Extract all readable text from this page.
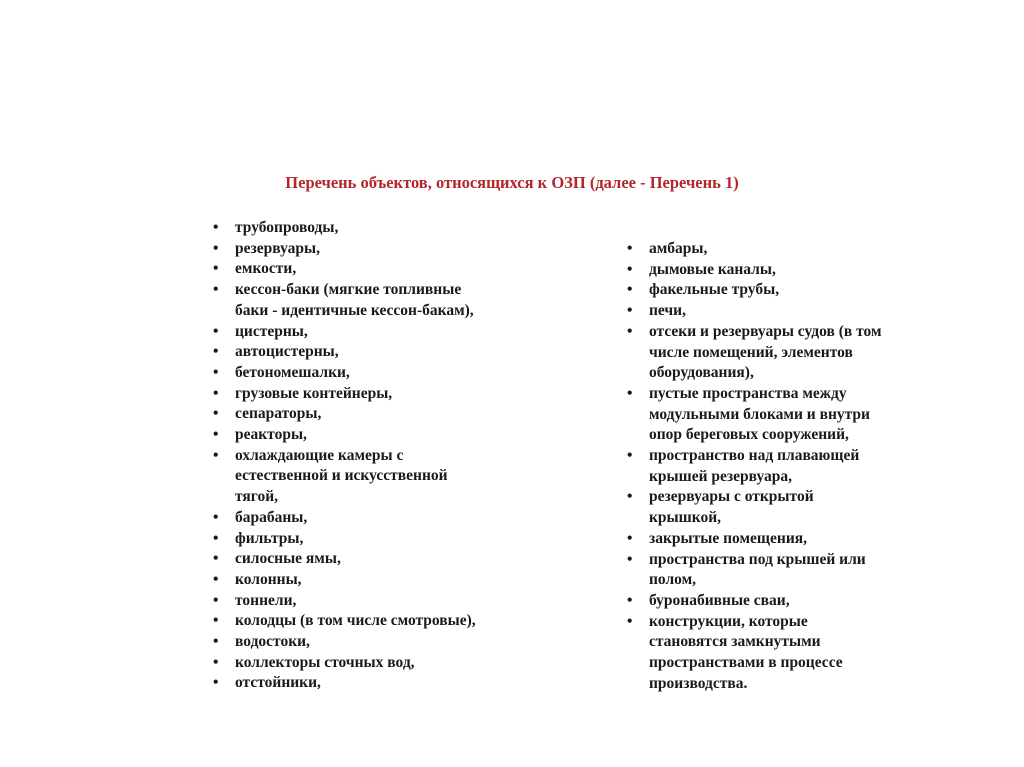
Перечень объектов, относящихся к ОЗП (далее - Перечень 1)
• трубопроводы,
• резервуары,
• емкости,
• кессон-баки (мягкие топливные
баки - идентичные кессон-бакам),
• цистерны,
• автоцистерны,
• бетономешалки,
• грузовые контейнеры,
• сепараторы,
• реакторы,
• охлаждающие камеры с
естественной и искусственной
тягой,
• барабаны,
• фильтры,
• силосные ямы,
• колонны,
• тоннели,
• колодцы (в том числе смотровые),
• водостоки,
• коллекторы сточных вод,
• отстойники,
• амбары,
• дымовые каналы,
• факельные трубы,
• печи,
• отсеки и резервуары судов (в том
числе помещений, элементов
оборудования),
• пустые пространства между
модульными блоками и внутри
опор береговых сооружений,
• пространство над плавающей
крышей резервуара,
• резервуары с открытой
крышкой,
• закрытые помещения,
• пространства под крышей или
полом,
• буронабивные сваи,
• конструкции, которые
становятся замкнутыми
пространствами в процессе
производства.
